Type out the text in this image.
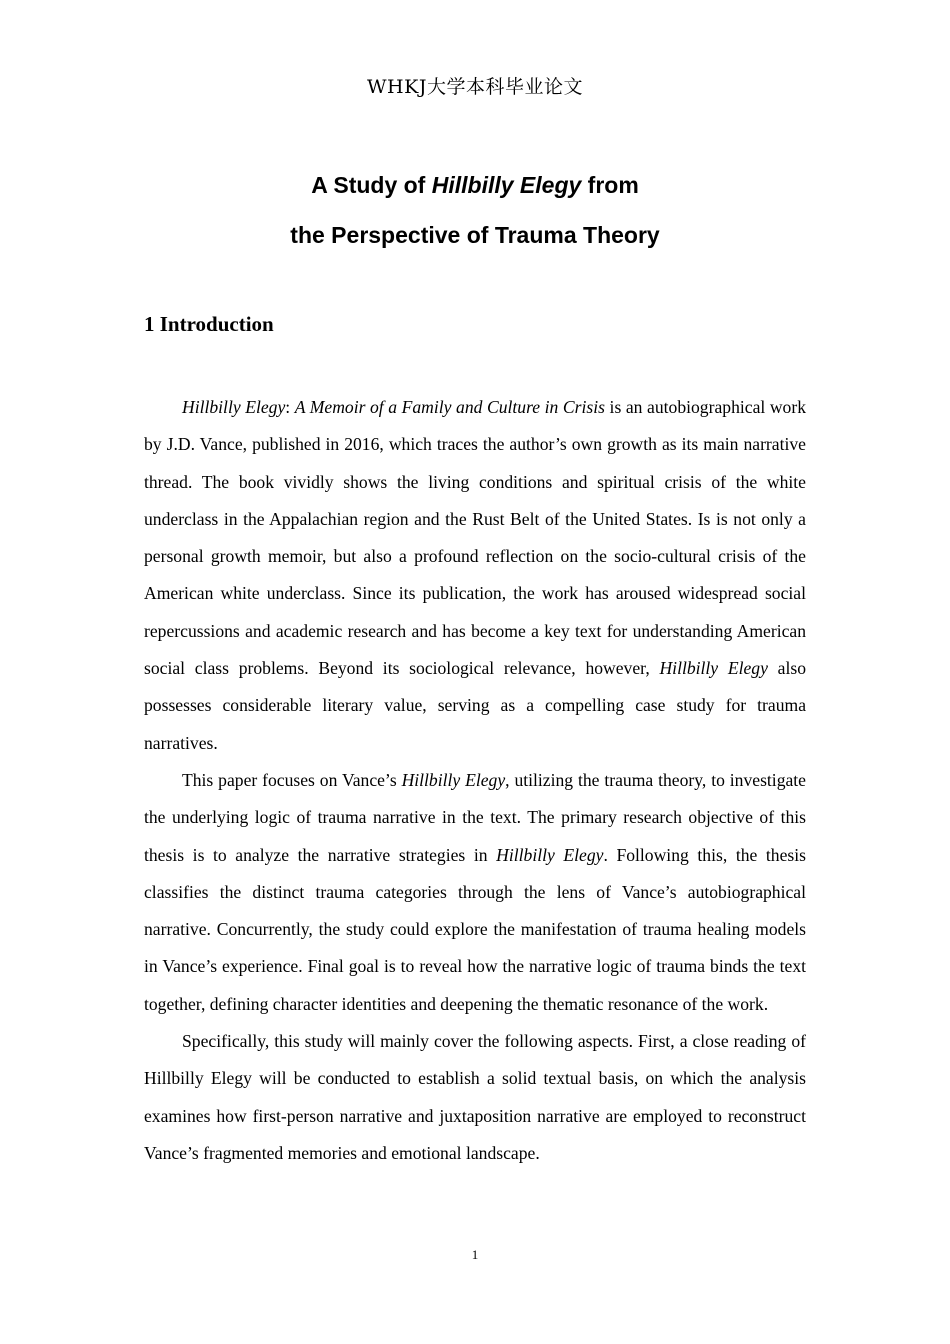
WHKJ大学本科毕业论文

A Study of Hillbilly Elegy from

the Perspective of Trauma Theory

1 Introduction

Hillbilly Elegy: A Memoir of a Family and Culture in Crisis is an autobiographical work by J.D. Vance, published in 2016, which traces the author’s own growth as its main narrative thread. The book vividly shows the living conditions and spiritual crisis of the white underclass in the Appalachian region and the Rust Belt of the United States. Is is not only a personal growth memoir, but also a profound reflection on the socio-cultural crisis of the American white underclass. Since its publication, the work has aroused widespread social repercussions and academic research and has become a key text for understanding American social class problems. Beyond its sociological relevance, however, Hillbilly Elegy also possesses considerable literary value, serving as a compelling case study for trauma narratives.

This paper focuses on Vance’s Hillbilly Elegy, utilizing the trauma theory, to investigate the underlying logic of trauma narrative in the text. The primary research objective of this thesis is to analyze the narrative strategies in Hillbilly Elegy. Following this, the thesis classifies the distinct trauma categories through the lens of Vance’s autobiographical narrative. Concurrently, the study could explore the manifestation of trauma healing models in Vance’s experience. Final goal is to reveal how the narrative logic of trauma binds the text together, defining character identities and deepening the thematic resonance of the work.

Specifically, this study will mainly cover the following aspects. First, a close reading of Hillbilly Elegy will be conducted to establish a solid textual basis, on which the analysis examines how first-person narrative and juxtaposition narrative are employed to reconstruct Vance’s fragmented memories and emotional landscape.

1
